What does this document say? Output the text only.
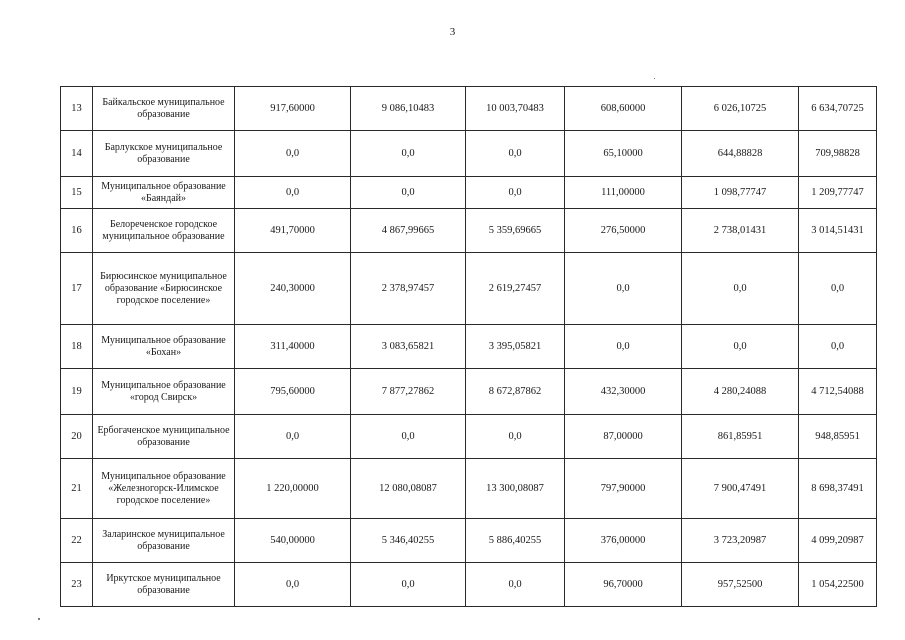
3
13	Байкальское муниципальное образование	917,60000	9 086,10483	10 003,70483	608,60000	6 026,10725	6 634,70725
14	Барлукское муниципальное образование	0,0	0,0	0,0	65,10000	644,88828	709,98828
15	Муниципальное образование «Баяндай»	0,0	0,0	0,0	111,00000	1 098,77747	1 209,77747
16	Белореченское городское муниципальное образование	491,70000	4 867,99665	5 359,69665	276,50000	2 738,01431	3 014,51431
17	Бирюсинское муниципальное образование «Бирюсинское городское поселение»	240,30000	2 378,97457	2 619,27457	0,0	0,0	0,0
18	Муниципальное образование «Бохан»	311,40000	3 083,65821	3 395,05821	0,0	0,0	0,0
19	Муниципальное образование «город Свирск»	795,60000	7 877,27862	8 672,87862	432,30000	4 280,24088	4 712,54088
20	Ербогаченское муниципальное образование	0,0	0,0	0,0	87,00000	861,85951	948,85951
21	Муниципальное образование «Железногорск-Илимское городское поселение»	1 220,00000	12 080,08087	13 300,08087	797,90000	7 900,47491	8 698,37491
22	Заларинское муниципальное образование	540,00000	5 346,40255	5 886,40255	376,00000	3 723,20987	4 099,20987
23	Иркутское муниципальное образование	0,0	0,0	0,0	96,70000	957,52500	1 054,22500
